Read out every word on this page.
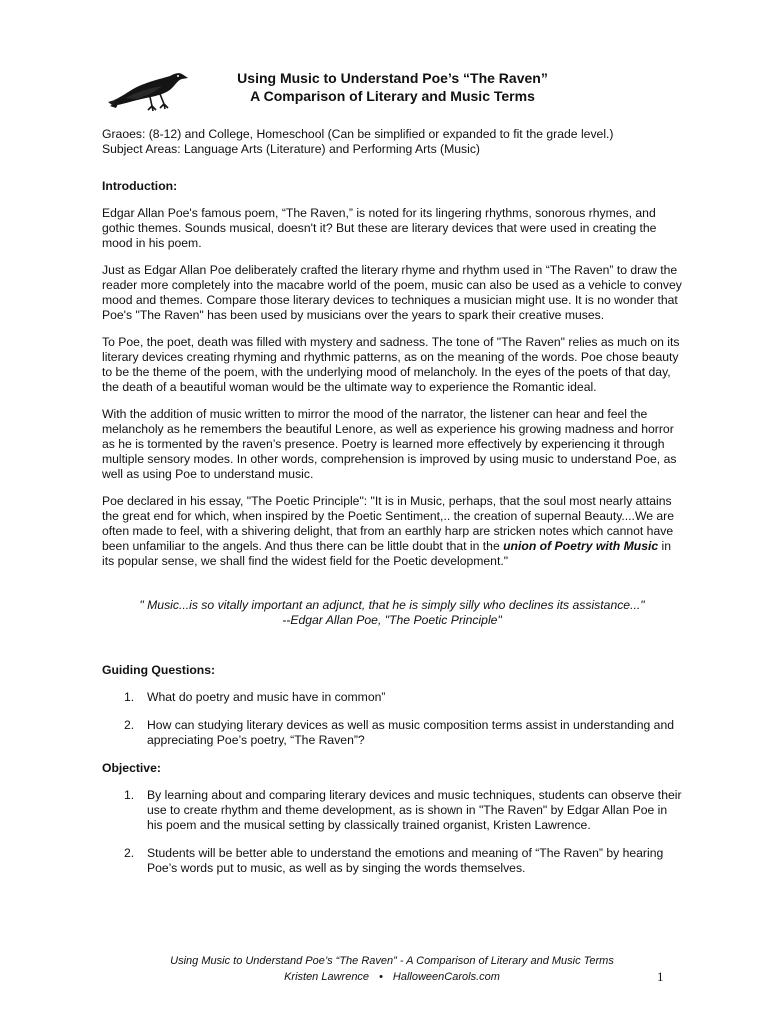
Using Music to Understand Poe’s “The Raven”
A Comparison of Literary and Music Terms

Graoes: (8-12) and College, Homeschool (Can be simplified or expanded to fit the grade level.)

Subject Areas: Language Arts (Literature) and Performing Arts (Music)

Introduction:

Edgar Allan Poe's famous poem, “The Raven,” is noted for its lingering rhythms, sonorous rhymes, and gothic themes. Sounds musical, doesn't it? But these are literary devices that were used in creating the mood in his poem.

Just as Edgar Allan Poe deliberately crafted the literary rhyme and rhythm used in “The Raven” to draw the reader more completely into the macabre world of the poem, music can also be used as a vehicle to convey mood and themes. Compare those literary devices to techniques a musician might use. It is no wonder that Poe's "The Raven" has been used by musicians over the years to spark their creative muses.

To Poe, the poet, death was filled with mystery and sadness. The tone of "The Raven" relies as much on its literary devices creating rhyming and rhythmic patterns, as on the meaning of the words. Poe chose beauty to be the theme of the poem, with the underlying mood of melancholy. In the eyes of the poets of that day, the death of a beautiful woman would be the ultimate way to experience the Romantic ideal.

With the addition of music written to mirror the mood of the narrator, the listener can hear and feel the melancholy as he remembers the beautiful Lenore, as well as experience his growing madness and horror as he is tormented by the raven’s presence. Poetry is learned more effectively by experiencing it through multiple sensory modes. In other words, comprehension is improved by using music to understand Poe, as well as using Poe to understand music.

Poe declared in his essay, "The Poetic Principle": "It is in Music, perhaps, that the soul most nearly attains the great end for which, when inspired by the Poetic Sentiment,.. the creation of supernal Beauty....We are often made to feel, with a shivering delight, that from an earthly harp are stricken notes which cannot have been unfamiliar to the angels. And thus there can be little doubt that in the union of Poetry with Music in its popular sense, we shall find the widest field for the Poetic development."

" Music...is so vitally important an adjunct, that he is simply silly who declines its assistance..."
--Edgar Allan Poe, "The Poetic Principle"

Guiding Questions:

1. What do poetry and music have in common”
2. How can studying literary devices as well as music composition terms assist in understanding and appreciating Poe’s poetry, “The Raven”?

Objective:

1. By learning about and comparing literary devices and music techniques, students can observe their use to create rhythm and theme development, as is shown in "The Raven" by Edgar Allan Poe in his poem and the musical setting by classically trained organist, Kristen Lawrence.
2. Students will be better able to understand the emotions and meaning of “The Raven” by hearing Poe’s words put to music, as well as by singing the words themselves.
Using Music to Understand Poe’s “The Raven” - A Comparison of Literary and Music Terms
Kristen Lawrence • HalloweenCarols.com	1
